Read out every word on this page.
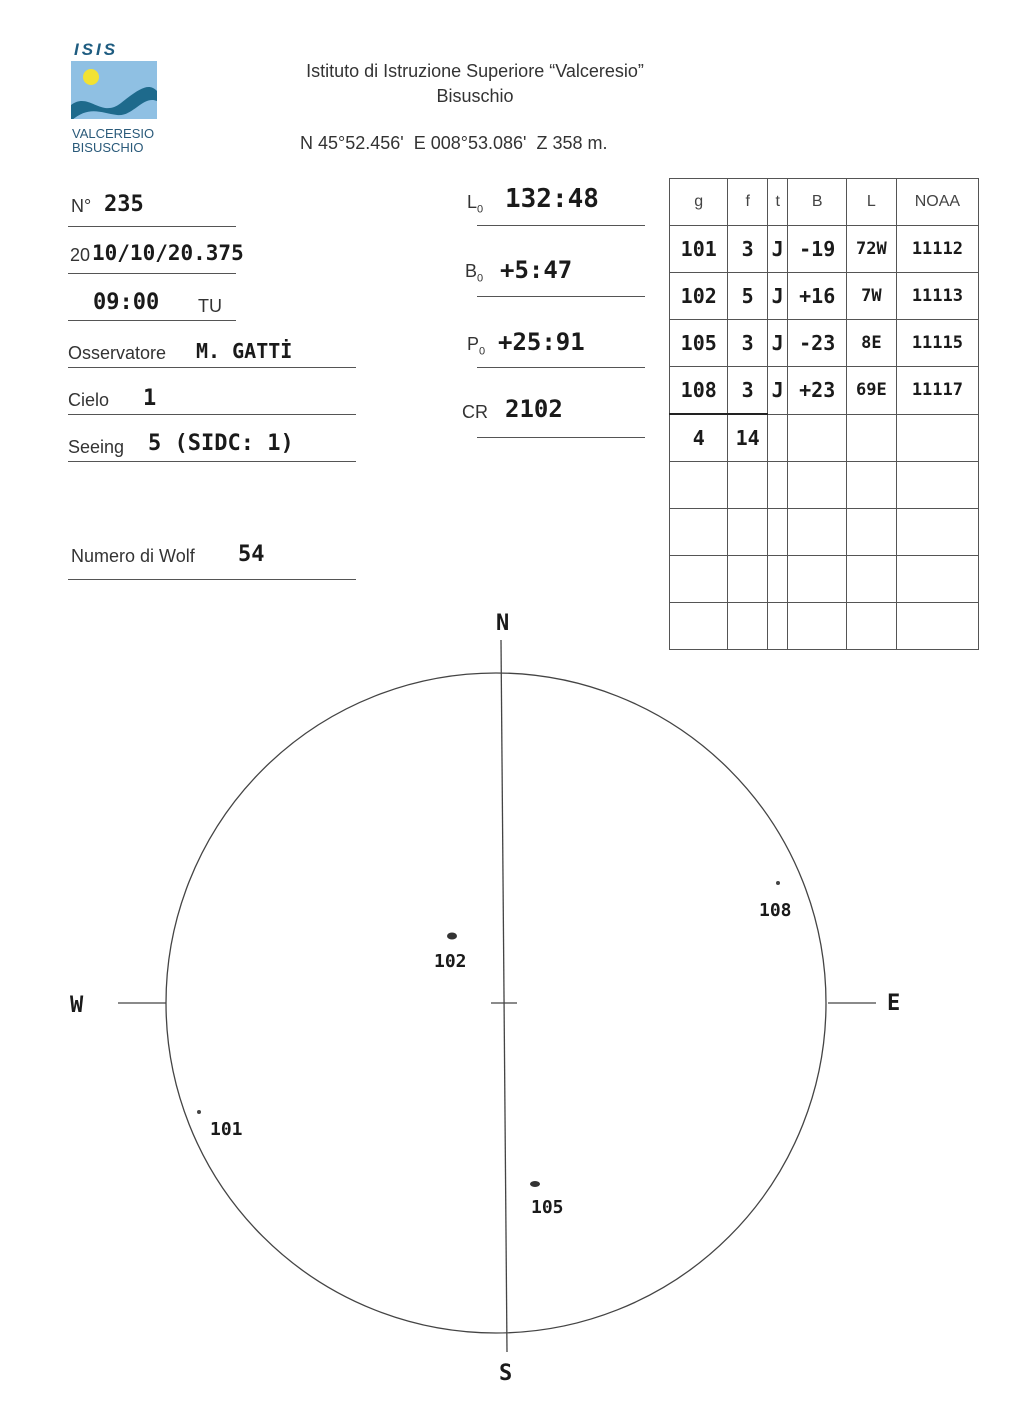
ISIS
VALCERESIO
BISUSCHIO
Istituto di Istruzione Superiore “Valceresio”
Bisuschio
N 45°52.456'  E 008°53.086'  Z 358 m.
N° 235
20 10/10/20.375
09:00 TU
Osservatore M. GATTİ
Cielo 1
Seeing 5 (SIDC: 1)
Numero di Wolf 54
$L_0$ 132:48
$B_0$ +5:47
$P_0$ +25:91
CR 2102
g	f	t	B	L	NOAA
101	3	J	-19	72W	11112
102	5	J	+16	7W	11113
105	3	J	-23	8E	11115
108	3	J	+23	69E	11117
4	14				

N
S
E
W
102
108
101
105
